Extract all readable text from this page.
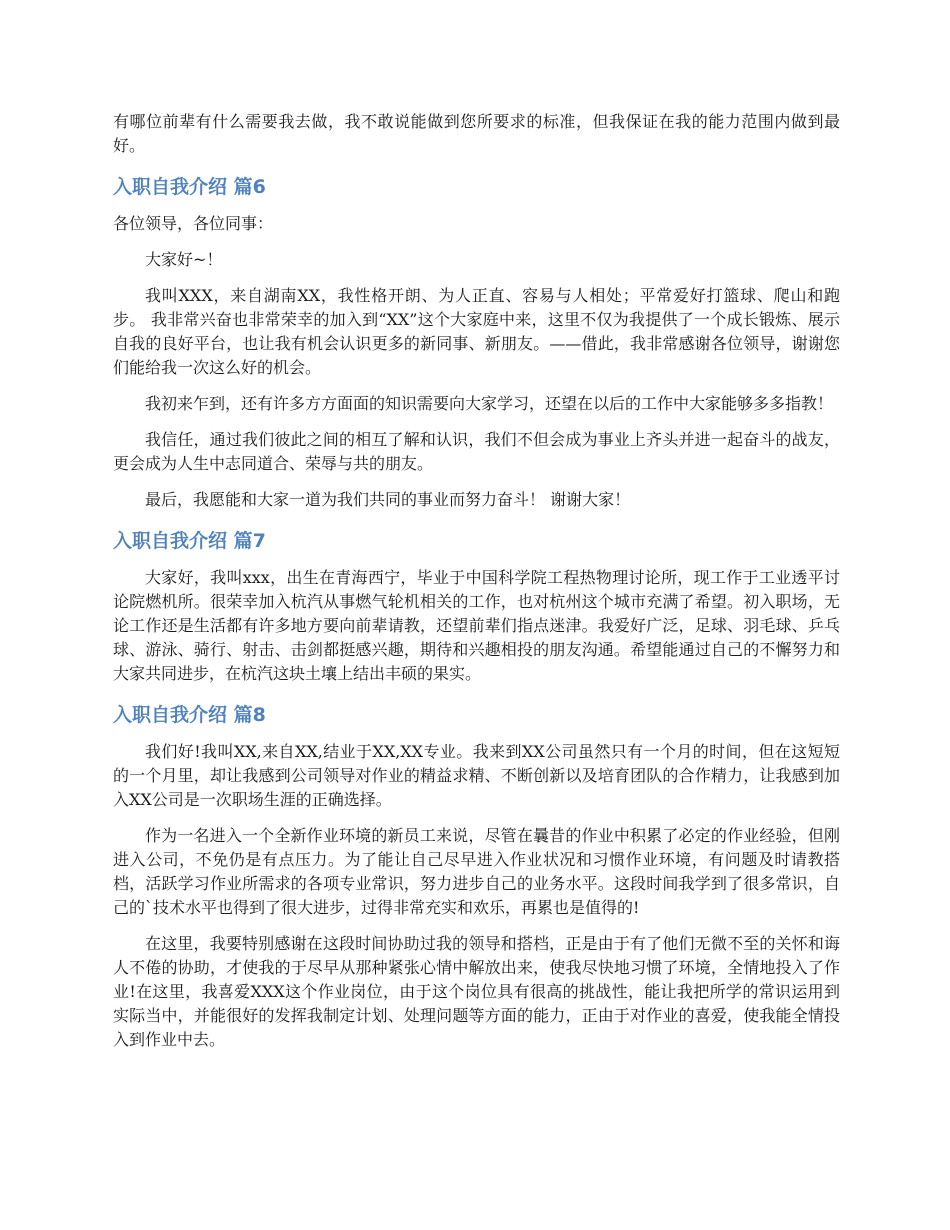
有哪位前辈有什么需要我去做，我不敢说能做到您所要求的标准，但我保证在我的能力范围内做到最好。

入职自我介绍 篇6

各位领导，各位同事：

大家好~！

我叫XXX，来自湖南XX，我性格开朗、为人正直、容易与人相处；平常爱好打篮球、爬山和跑步。 我非常兴奋也非常荣幸的加入到“XX”这个大家庭中来，这里不仅为我提供了一个成长锻炼、展示自我的良好平台，也让我有机会认识更多的新同事、新朋友。——借此，我非常感谢各位领导，谢谢您们能给我一次这么好的机会。

我初来乍到，还有许多方方面面的知识需要向大家学习，还望在以后的工作中大家能够多多指教！

我信任，通过我们彼此之间的相互了解和认识，我们不但会成为事业上齐头并进一起奋斗的战友，更会成为人生中志同道合、荣辱与共的朋友。

最后，我愿能和大家一道为我们共同的事业而努力奋斗！ 谢谢大家！

入职自我介绍 篇7

大家好，我叫xxx，出生在青海西宁，毕业于中国科学院工程热物理讨论所，现工作于工业透平讨论院燃机所。很荣幸加入杭汽从事燃气轮机相关的工作，也对杭州这个城市充满了希望。初入职场，无论工作还是生活都有许多地方要向前辈请教，还望前辈们指点迷津。我爱好广泛，足球、羽毛球、乒乓球、游泳、骑行、射击、击剑都挺感兴趣，期待和兴趣相投的朋友沟通。希望能通过自己的不懈努力和大家共同进步，在杭汽这块土壤上结出丰硕的果实。

入职自我介绍 篇8

我们好!我叫XX,来自XX,结业于XX,XX专业。我来到XX公司虽然只有一个月的时间，但在这短短的一个月里，却让我感到公司领导对作业的精益求精、不断创新以及培育团队的合作精力，让我感到加入XX公司是一次职场生涯的正确选择。

作为一名进入一个全新作业环境的新员工来说，尽管在曩昔的作业中积累了必定的作业经验，但刚进入公司，不免仍是有点压力。为了能让自己尽早进入作业状况和习惯作业环境，有问题及时请教搭档，活跃学习作业所需求的各项专业常识，努力进步自己的业务水平。这段时间我学到了很多常识，自己的`技术水平也得到了很大进步，过得非常充实和欢乐，再累也是值得的!

在这里，我要特别感谢在这段时间协助过我的领导和搭档，正是由于有了他们无微不至的关怀和诲人不倦的协助，才使我的于尽早从那种紧张心情中解放出来，使我尽快地习惯了环境，全情地投入了作业!在这里，我喜爱XXX这个作业岗位，由于这个岗位具有很高的挑战性，能让我把所学的常识运用到实际当中，并能很好的发挥我制定计划、处理问题等方面的能力，正由于对作业的喜爱，使我能全情投入到作业中去。
